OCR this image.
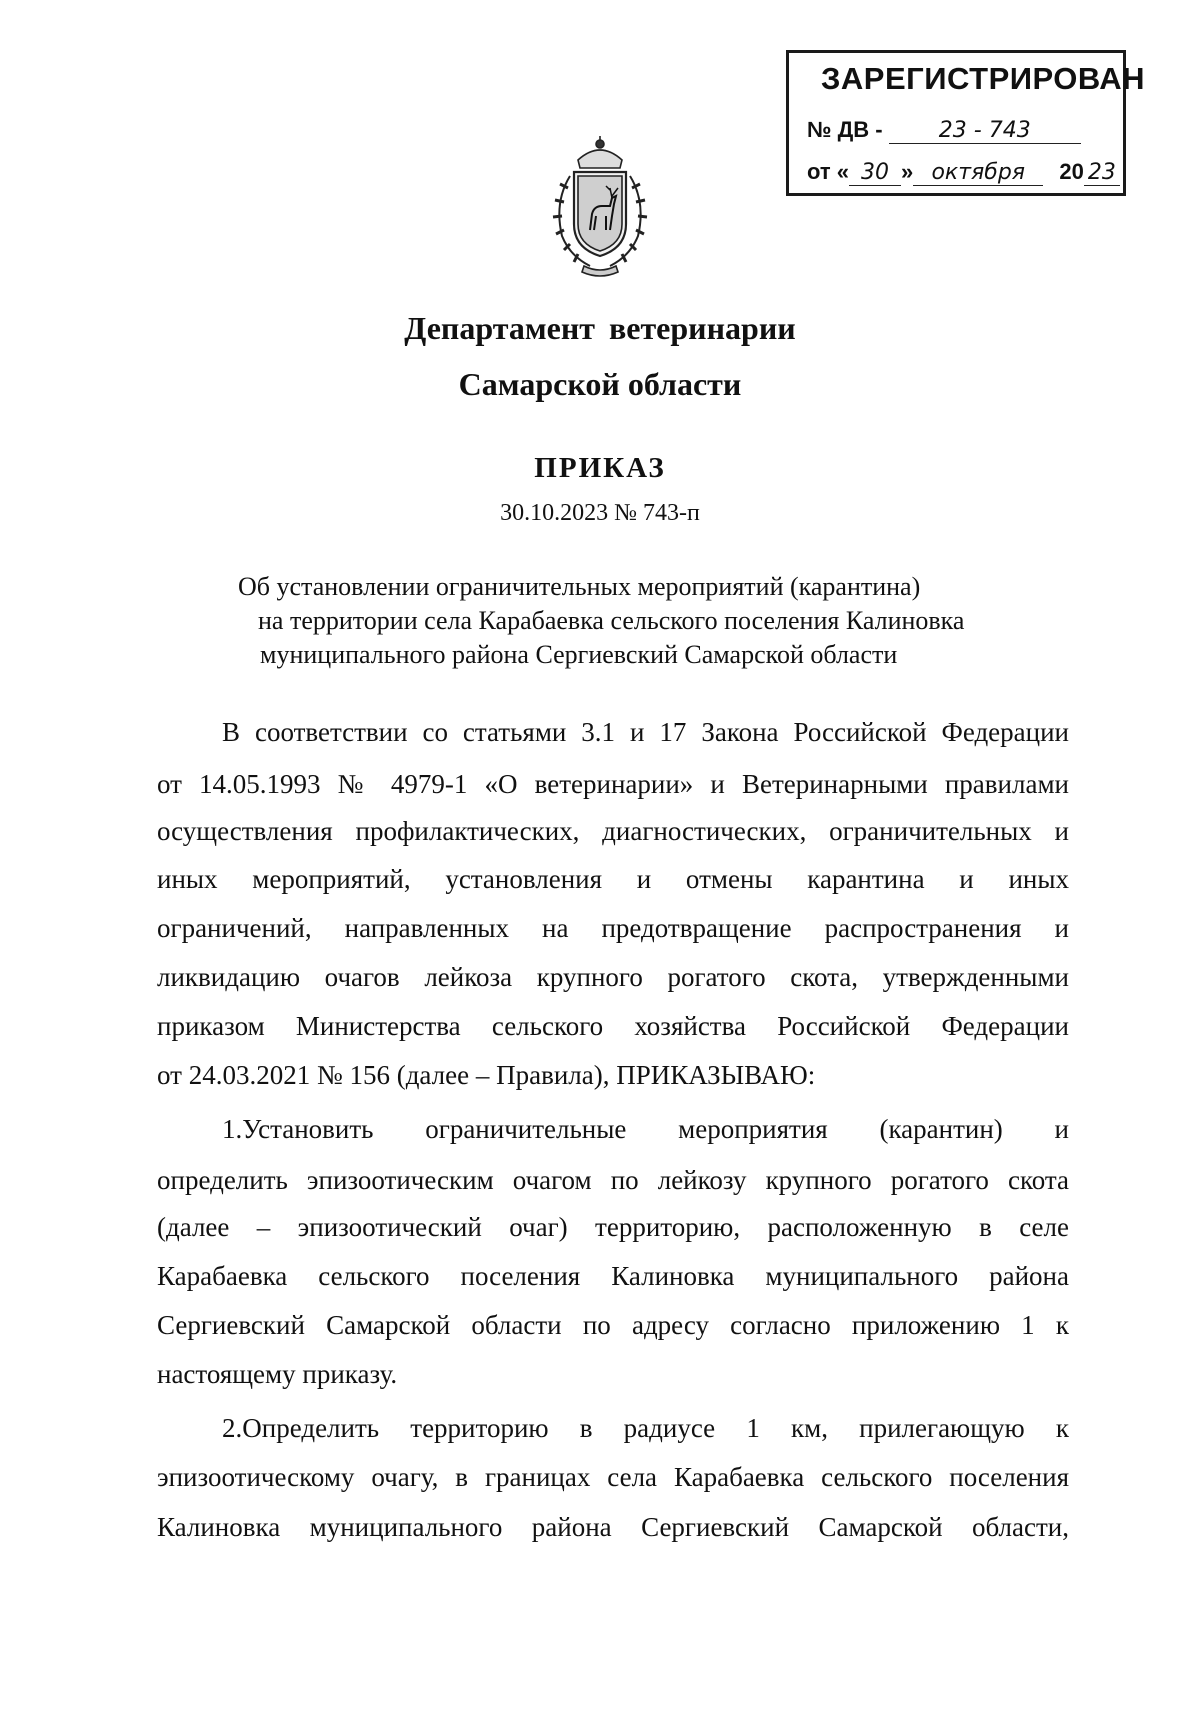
ЗАРЕГИСТРИРОВАН
№ ДВ -	23 - 743
от « 30 » октября 20 23
Департамент ветеринарии
Самарской области
ПРИКАЗ
30.10.2023 № 743-п
Об установлении ограничительных мероприятий (карантина)
на территории села Карабаевка сельского поселения Калиновка
муниципального района Сергиевский Самарской области
В соответствии со статьями 3.1 и 17 Закона Российской Федерации
от 14.05.1993 № 4979-1 «О ветеринарии» и Ветеринарными правилами
осуществления профилактических, диагностических, ограничительных и
иных мероприятий, установления и отмены карантина и иных
ограничений, направленных на предотвращение распространения и
ликвидацию очагов лейкоза крупного рогатого скота, утвержденными
приказом Министерства сельского хозяйства Российской Федерации
от 24.03.2021 № 156 (далее – Правила), ПРИКАЗЫВАЮ:
1.Установить ограничительные мероприятия (карантин) и
определить эпизоотическим очагом по лейкозу крупного рогатого скота
(далее – эпизоотический очаг) территорию, расположенную в селе
Карабаевка сельского поселения Калиновка муниципального района
Сергиевский Самарской области по адресу согласно приложению 1 к
настоящему приказу.
2.Определить территорию в радиусе 1 км, прилегающую к
эпизоотическому очагу, в границах села Карабаевка сельского поселения
Калиновка муниципального района Сергиевский Самарской области,
